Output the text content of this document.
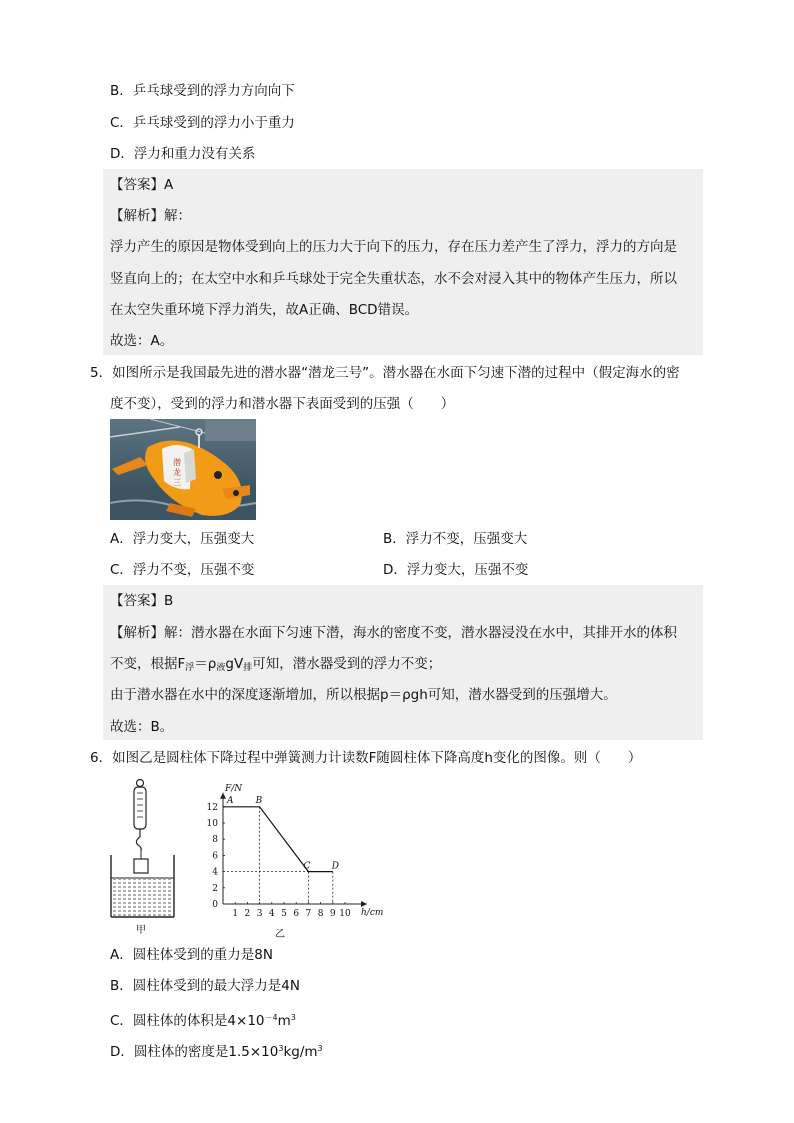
B．乒乓球受到的浮力方向向下
C．乒乓球受到的浮力小于重力
D．浮力和重力没有关系
【答案】A
【解析】解：
浮力产生的原因是物体受到向上的压力大于向下的压力，存在压力差产生了浮力，浮力的方向是
竖直向上的；在太空中水和乒乓球处于完全失重状态，水不会对浸入其中的物体产生压力，所以
在太空失重环境下浮力消失，故A正确、BCD错误。
故选：A。
5．如图所示是我国最先进的潜水器“潜龙三号”。潜水器在水面下匀速下潜的过程中（假定海水的密
度不变），受到的浮力和潜水器下表面受到的压强（　　）
潜
龙
三
A．浮力变大，压强变大	B．浮力不变，压强变大
C．浮力不变，压强不变	D．浮力变大，压强不变
【答案】B
【解析】解：潜水器在水面下匀速下潜，海水的密度不变，潜水器浸没在水中，其排开水的体积
不变，根据$F_浮=\rho_液gV_排$可知，潜水器受到的浮力不变；
由于潜水器在水中的深度逐渐增加，所以根据p＝ρgh可知，潜水器受到的压强增大。
故选：B。
6．如图乙是圆柱体下降过程中弹簧测力计读数F随圆柱体下降高度h变化的图像。则（　　）
甲	乙
h/cm
F/N
1 2 3 4 5 6 7 8 9 10
0
2
4
6
8
10
12
A B
C D
A．圆柱体受到的重力是8N
B．圆柱体受到的最大浮力是4N
C．圆柱体的体积是$4\times 10^{-4}m^3$
D．圆柱体的密度是$1.5\times 10^3kg/m^3$
